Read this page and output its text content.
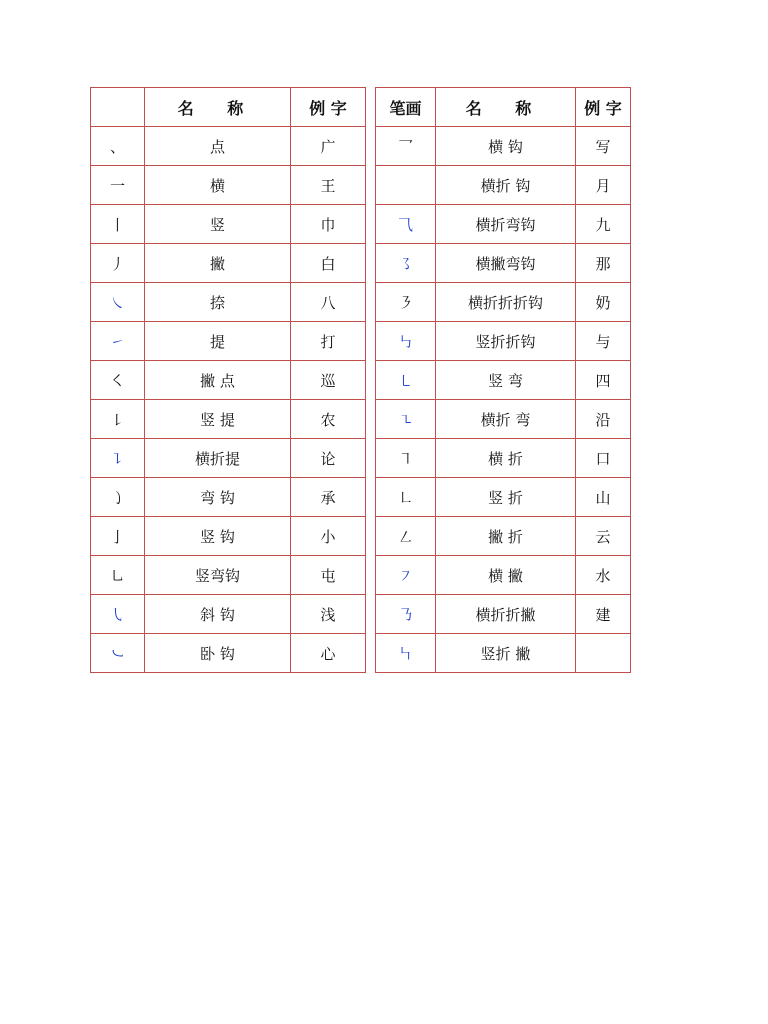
	名 称	例 字		笔画	名 称	例 字
、	点	广		乛	横 钩	写
一	横	王			横折 钩	月
丨	竖	巾		⺄	横折弯钩	九
丿	撇	白		㇌	横撇弯钩	那
㇏	捺	八		㇋	横折折折钩	奶
㇀	提	打		㇉	竖折折钩	与
㇛	撇 点	巡		㇄	竖 弯	四
㇙	竖 提	农		㇍	横折 弯	沿
㇊	横折提	论		㇕	横 折	口
㇁	弯 钩	承		㇗	竖 折	山
亅	竖 钩	小		㇜	撇 折	云
㇟	竖弯钩	屯		㇇	横 撇	水
㇂	斜 钩	浅		㇡	横折折撇	建
㇃	卧 钩	心		㇞	竖折 撇	
